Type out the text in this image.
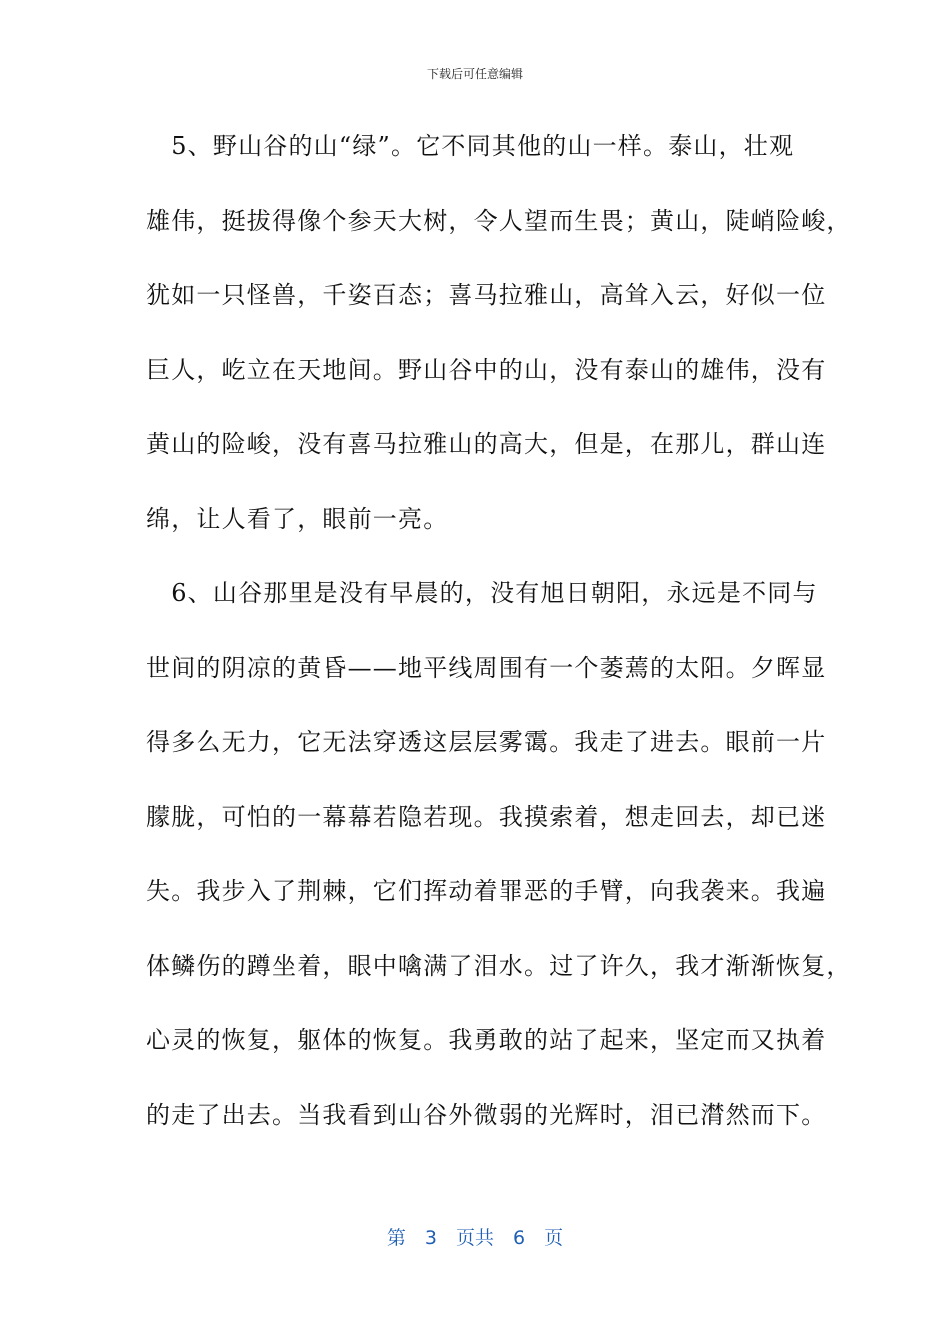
下载后可任意编辑
　5、野山谷的山“绿”。它不同其他的山一样。泰山，壮观
雄伟，挺拔得像个参天大树，令人望而生畏；黄山，陡峭险峻，
犹如一只怪兽，千姿百态；喜马拉雅山，高耸入云，好似一位
巨人，屹立在天地间。野山谷中的山，没有泰山的雄伟，没有
黄山的险峻，没有喜马拉雅山的高大，但是，在那儿，群山连
绵，让人看了，眼前一亮。
　6、山谷那里是没有早晨的，没有旭日朝阳，永远是不同与
世间的阴凉的黄昏——地平线周围有一个萎蔫的太阳。夕晖显
得多么无力，它无法穿透这层层雾霭。我走了进去。眼前一片
朦胧，可怕的一幕幕若隐若现。我摸索着，想走回去，却已迷
失。我步入了荆棘，它们挥动着罪恶的手臂，向我袭来。我遍
体鳞伤的蹲坐着，眼中噙满了泪水。过了许久，我才渐渐恢复，
心灵的恢复，躯体的恢复。我勇敢的站了起来，坚定而又执着
的走了出去。当我看到山谷外微弱的光辉时，泪已潸然而下。
第　3　页共　6　页
